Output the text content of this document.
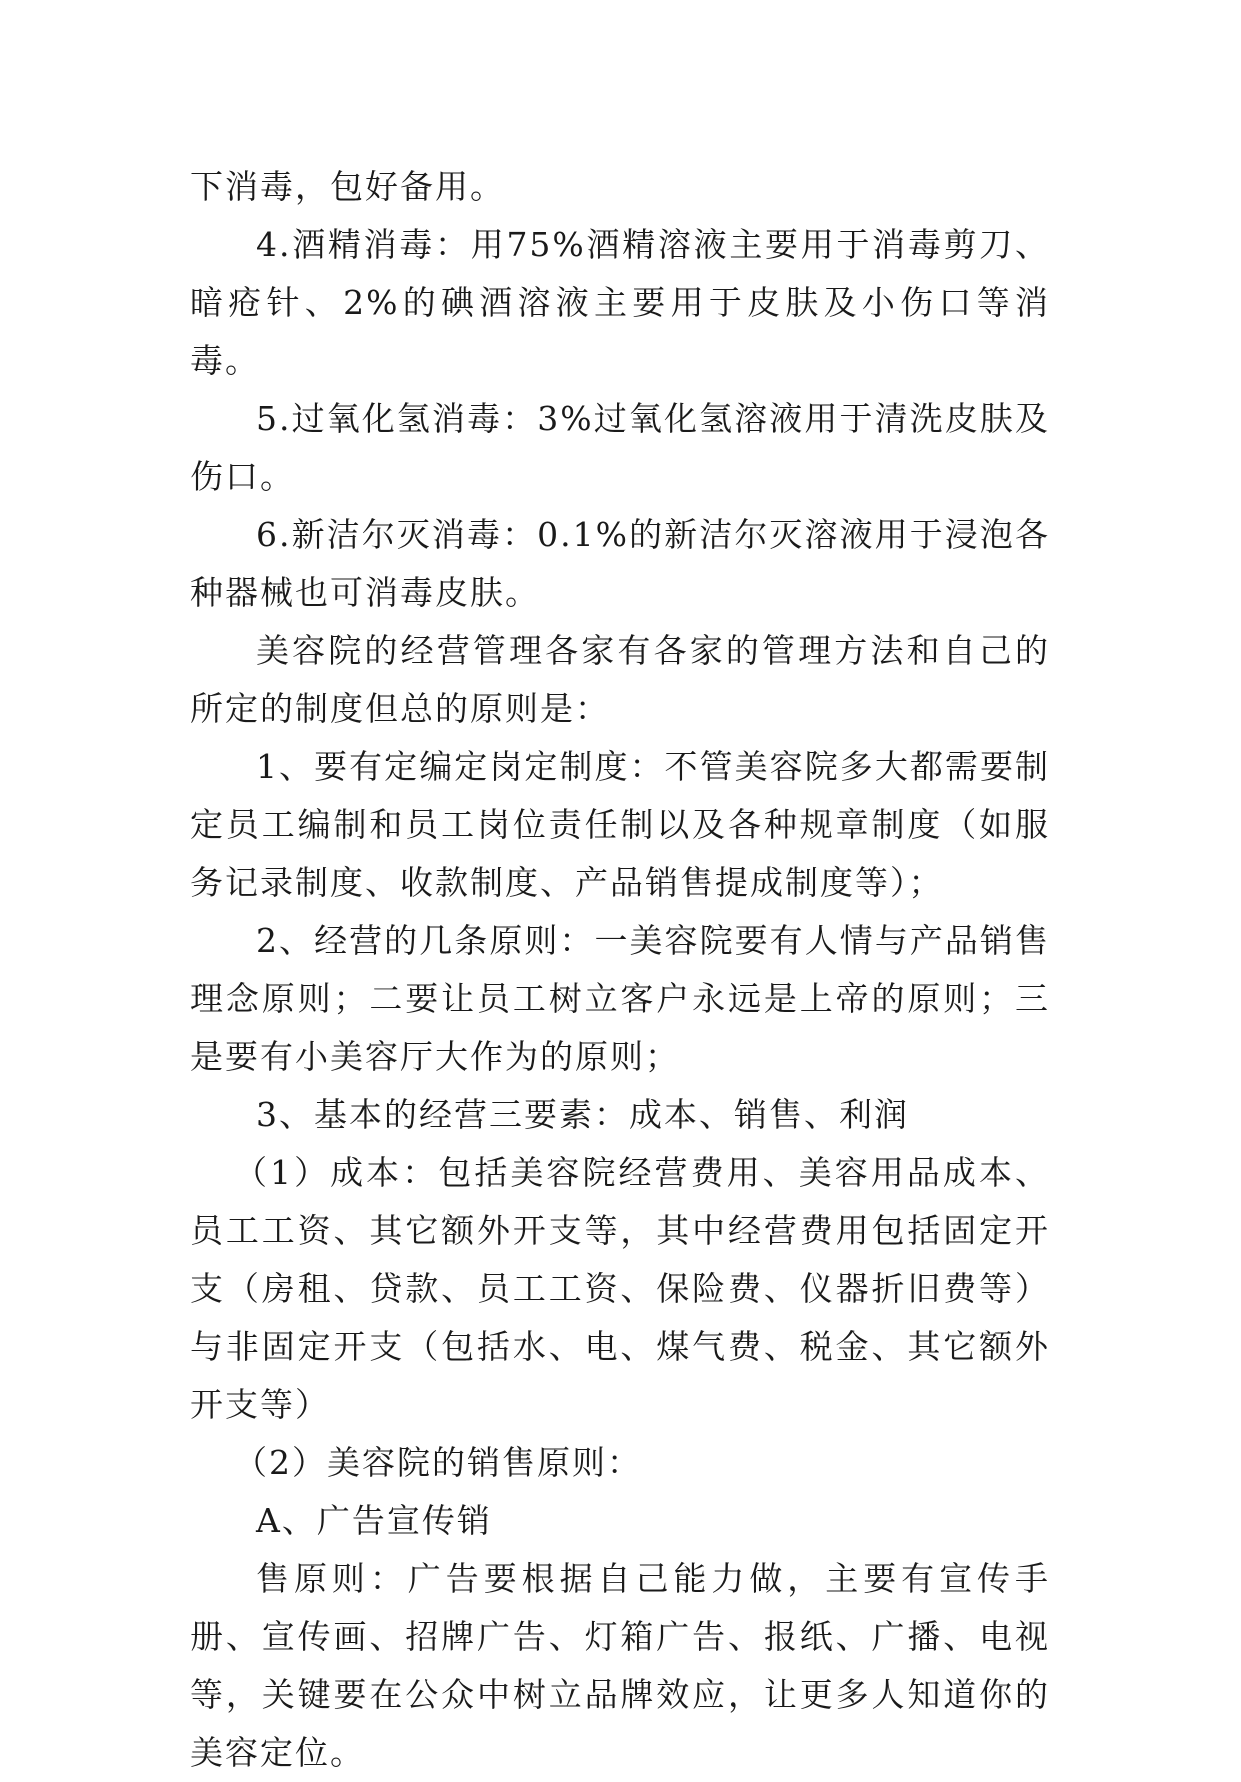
下消毒，包好备用。

4.酒精消毒：用75%酒精溶液主要用于消毒剪刀、暗疮针、2%的碘酒溶液主要用于皮肤及小伤口等消毒。

5.过氧化氢消毒：3%过氧化氢溶液用于清洗皮肤及伤口。

6.新洁尔灭消毒：0.1%的新洁尔灭溶液用于浸泡各种器械也可消毒皮肤。

美容院的经营管理各家有各家的管理方法和自己的所定的制度但总的原则是：

1、要有定编定岗定制度：不管美容院多大都需要制定员工编制和员工岗位责任制以及各种规章制度（如服务记录制度、收款制度、产品销售提成制度等）；

2、经营的几条原则：一美容院要有人情与产品销售理念原则；二要让员工树立客户永远是上帝的原则；三是要有小美容厅大作为的原则；

3、基本的经营三要素：成本、销售、利润

（1）成本：包括美容院经营费用、美容用品成本、员工工资、其它额外开支等，其中经营费用包括固定开支（房租、贷款、员工工资、保险费、仪器折旧费等）与非固定开支（包括水、电、煤气费、税金、其它额外开支等）

（2）美容院的销售原则：

A、广告宣传销

售原则：广告要根据自己能力做，主要有宣传手册、宣传画、招牌广告、灯箱广告、报纸、广播、电视等，关键要在公众中树立品牌效应，让更多人知道你的美容定位。
